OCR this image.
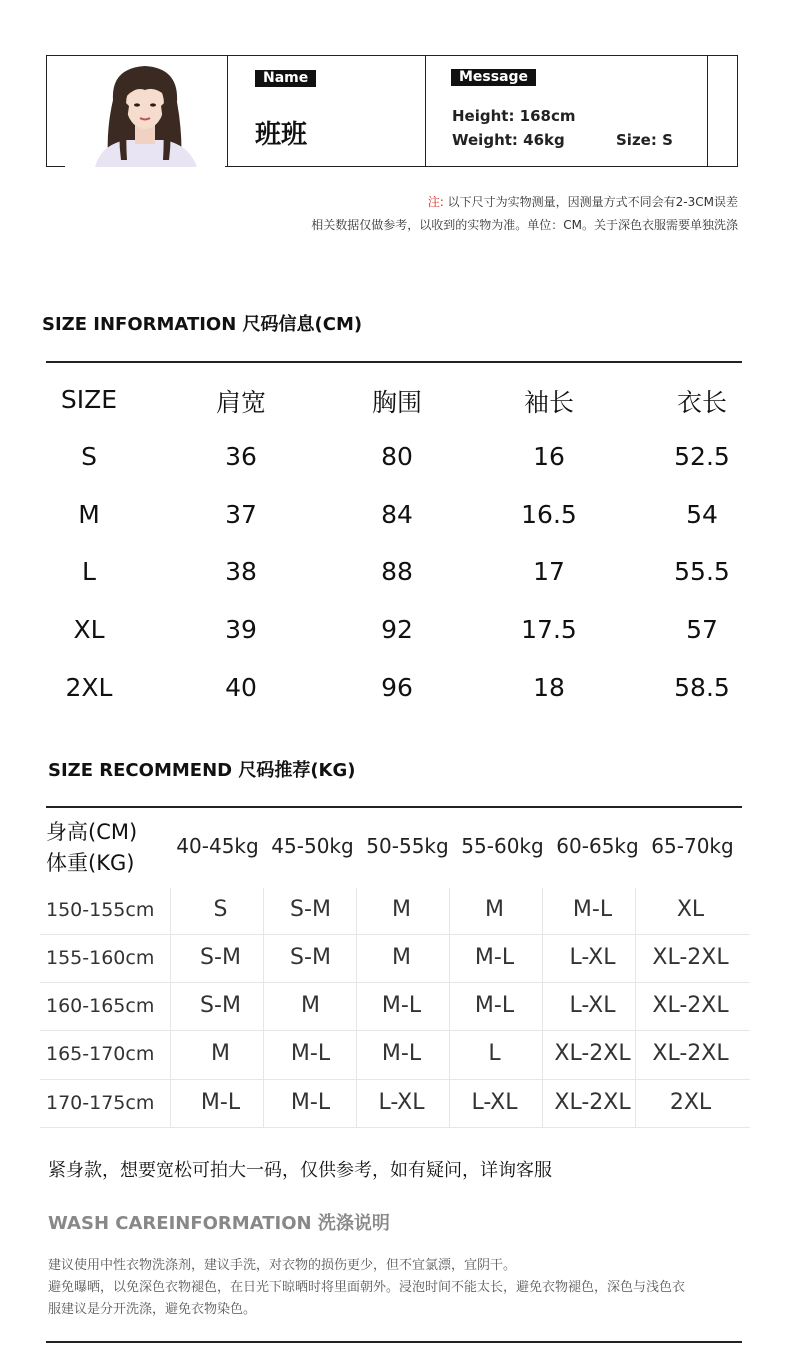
Name
班班
Message
Height: 168cm
Weight: 46kg	Size: S
注: 以下尺寸为实物测量，因测量方式不同会有2-3CM误差
相关数据仅做参考，以收到的实物为准。单位：CM。关于深色衣服需要单独洗涤
SIZE INFORMATION 尺码信息(CM)
SIZE	肩宽	胸围	袖长	衣长
S	36	80	16	52.5
M	37	84	16.5	54
L	38	88	17	55.5
XL	39	92	17.5	57
2XL	40	96	18	58.5
SIZE RECOMMEND 尺码推荐(KG)
身高(CM)
体重(KG)
40-45kg 45-50kg 50-55kg 55-60kg 60-65kg 65-70kg
150-155cm	S	S-M	M	M	M-L	XL
155-160cm	S-M	S-M	M	M-L	L-XL	XL-2XL
160-165cm	S-M	M	M-L	M-L	L-XL	XL-2XL
165-170cm	M	M-L	M-L	L	XL-2XL XL-2XL
170-175cm	M-L	M-L	L-XL	L-XL	XL-2XL	2XL
紧身款，想要宽松可拍大一码，仅供参考，如有疑问，详询客服
WASH CAREINFORMATION 洗涤说明
建议使用中性衣物洗涤剂，建议手洗，对衣物的损伤更少，但不宜氯漂，宜阴干。
避免曝晒，以免深色衣物褪色，在日光下晾晒时将里面朝外。浸泡时间不能太长，避免衣物褪色，深色与浅色衣
服建议是分开洗涤，避免衣物染色。
